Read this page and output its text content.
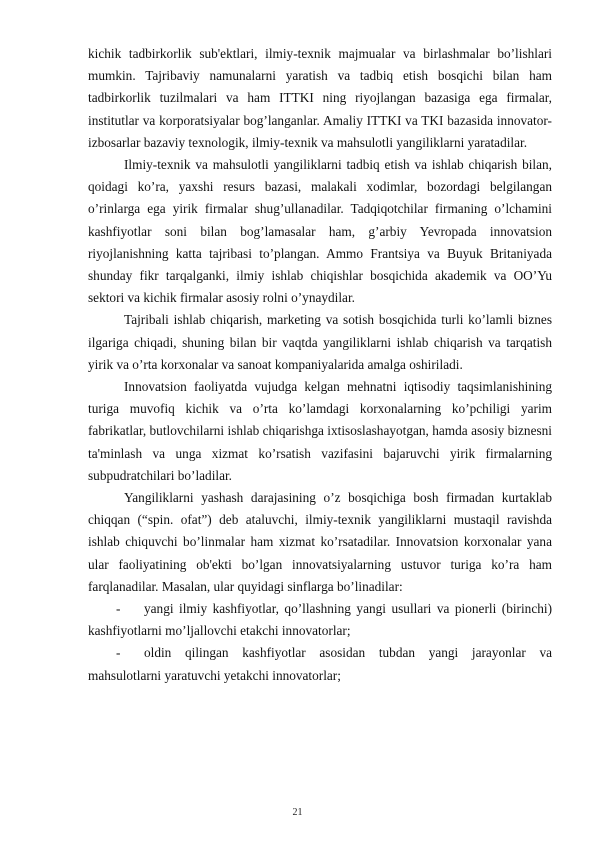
kichik tadbirkorlik sub'ektlari, ilmiy-texnik majmualar va birlashmalar bo’lishlari mumkin. Tajribaviy namunalarni yaratish va tadbiq etish bosqichi bilan ham tadbirkorlik tuzilmalari va ham ITTKI ning riyojlangan bazasiga ega firmalar, institutlar va korporatsiyalar bog’langanlar. Amaliy ITTKI va TKI bazasida innovator-izbosarlar bazaviy texnologik, ilmiy-texnik va mahsulotli yangiliklarni yaratadilar.

Ilmiy-texnik va mahsulotli yangiliklarni tadbiq etish va ishlab chiqarish bilan, qoidagi ko’ra, yaxshi resurs bazasi, malakali xodimlar, bozordagi belgilangan o’rinlarga ega yirik firmalar shug’ullanadilar. Tadqiqotchilar firmaning o’lchamini kashfiyotlar soni bilan bog’lamasalar ham, g’arbiy Yevropada innovatsion riyojlanishning katta tajribasi to’plangan. Ammo Frantsiya va Buyuk Britaniyada shunday fikr tarqalganki, ilmiy ishlab chiqishlar bosqichida akademik va OO’Yu sektori va kichik firmalar asosiy rolni o’ynaydilar.

Tajribali ishlab chiqarish, marketing va sotish bosqichida turli ko’lamli biznes ilgariga chiqadi, shuning bilan bir vaqtda yangiliklarni ishlab chiqarish va tarqatish yirik va o’rta korxonalar va sanoat kompaniyalarida amalga oshiriladi.

Innovatsion faoliyatda vujudga kelgan mehnatni iqtisodiy taqsimlanishining turiga muvofiq kichik va o’rta ko’lamdagi korxonalarning ko’pchiligi yarim fabrikatlar, butlovchilarni ishlab chiqarishga ixtisoslashayotgan, hamda asosiy biznesni ta'minlash va unga xizmat ko’rsatish vazifasini bajaruvchi yirik firmalarning subpudratchilari bo’ladilar.

Yangiliklarni yashash darajasining o’z bosqichiga bosh firmadan kurtaklab chiqqan (“spin. ofat”) deb ataluvchi, ilmiy-texnik yangiliklarni mustaqil ravishda ishlab chiquvchi bo’linmalar ham xizmat ko’rsatadilar. Innovatsion korxonalar yana ular faoliyatining ob'ekti bo’lgan innovatsiyalarning ustuvor turiga ko’ra ham farqlanadilar. Masalan, ular quyidagi sinflarga bo’linadilar:

- yangi ilmiy kashfiyotlar, qo’llashning yangi usullari va pionerli (birinchi) kashfiyotlarni mo’ljallovchi etakchi innovatorlar;

- oldin qilingan kashfiyotlar asosidan tubdan yangi jarayonlar va mahsulotlarni yaratuvchi yetakchi innovatorlar;

21
